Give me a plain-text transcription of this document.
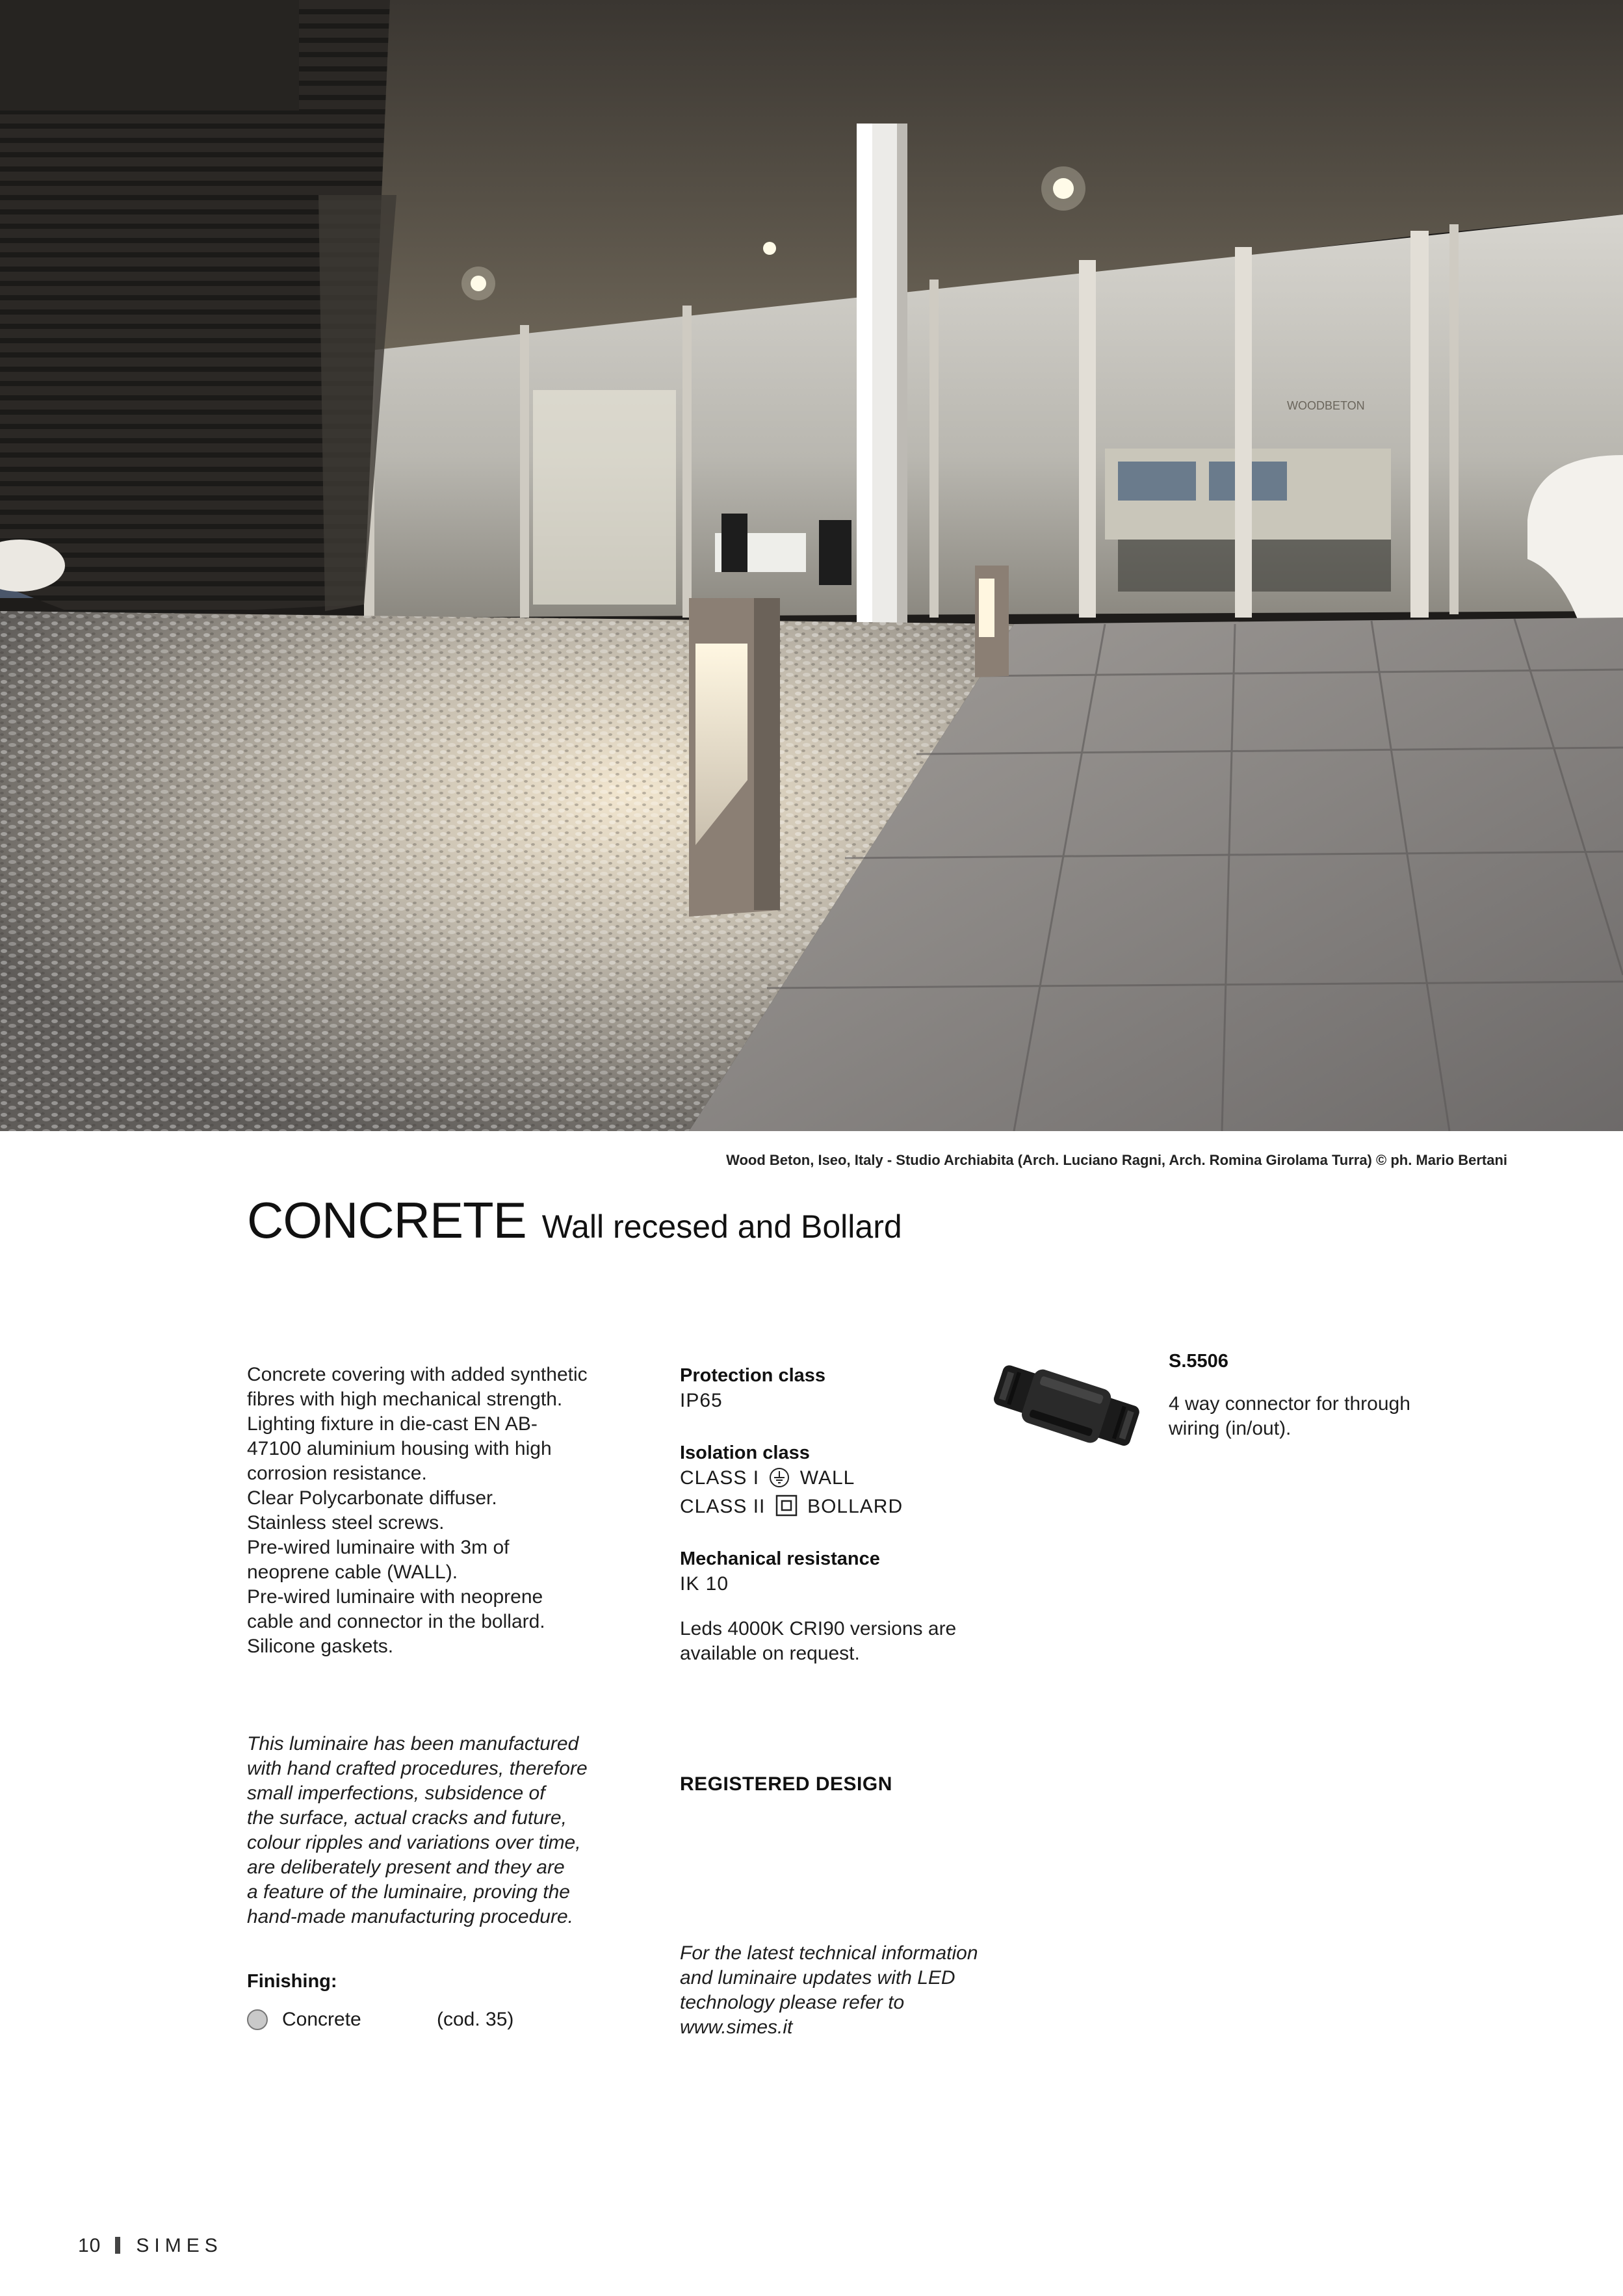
WOODBETON
Wood Beton, Iseo, Italy - Studio Archiabita (Arch. Luciano Ragni, Arch. Romina Girolama Turra) © ph. Mario Bertani
CONCRETE Wall recesed and Bollard
Concrete covering with added synthetic
fibres with high mechanical strength.
Lighting fixture in die-cast EN AB-
47100 aluminium housing with high
corrosion resistance.
Clear Polycarbonate diffuser.
Stainless steel screws.
Pre-wired luminaire with 3m of
neoprene cable (WALL).
Pre-wired luminaire with neoprene
cable and connector in the bollard.
Silicone gaskets.
This luminaire has been manufactured
with hand crafted procedures, therefore
small imperfections, subsidence of
the surface, actual cracks and future,
colour ripples and variations over time,
are deliberately present and they are
a feature of the luminaire, proving the
hand-made manufacturing procedure.
Finishing:
Concrete	(cod. 35)
Protection class
IP65
Isolation class
CLASS I WALL
CLASS II BOLLARD
Mechanical resistance
IK 10
Leds 4000K CRI90 versions are
available on request.
REGISTERED DESIGN
For the latest technical information
and luminaire updates with LED
technology please refer to
www.simes.it
S.5506
4 way connector for through
wiring (in/out).
10 SIMES
